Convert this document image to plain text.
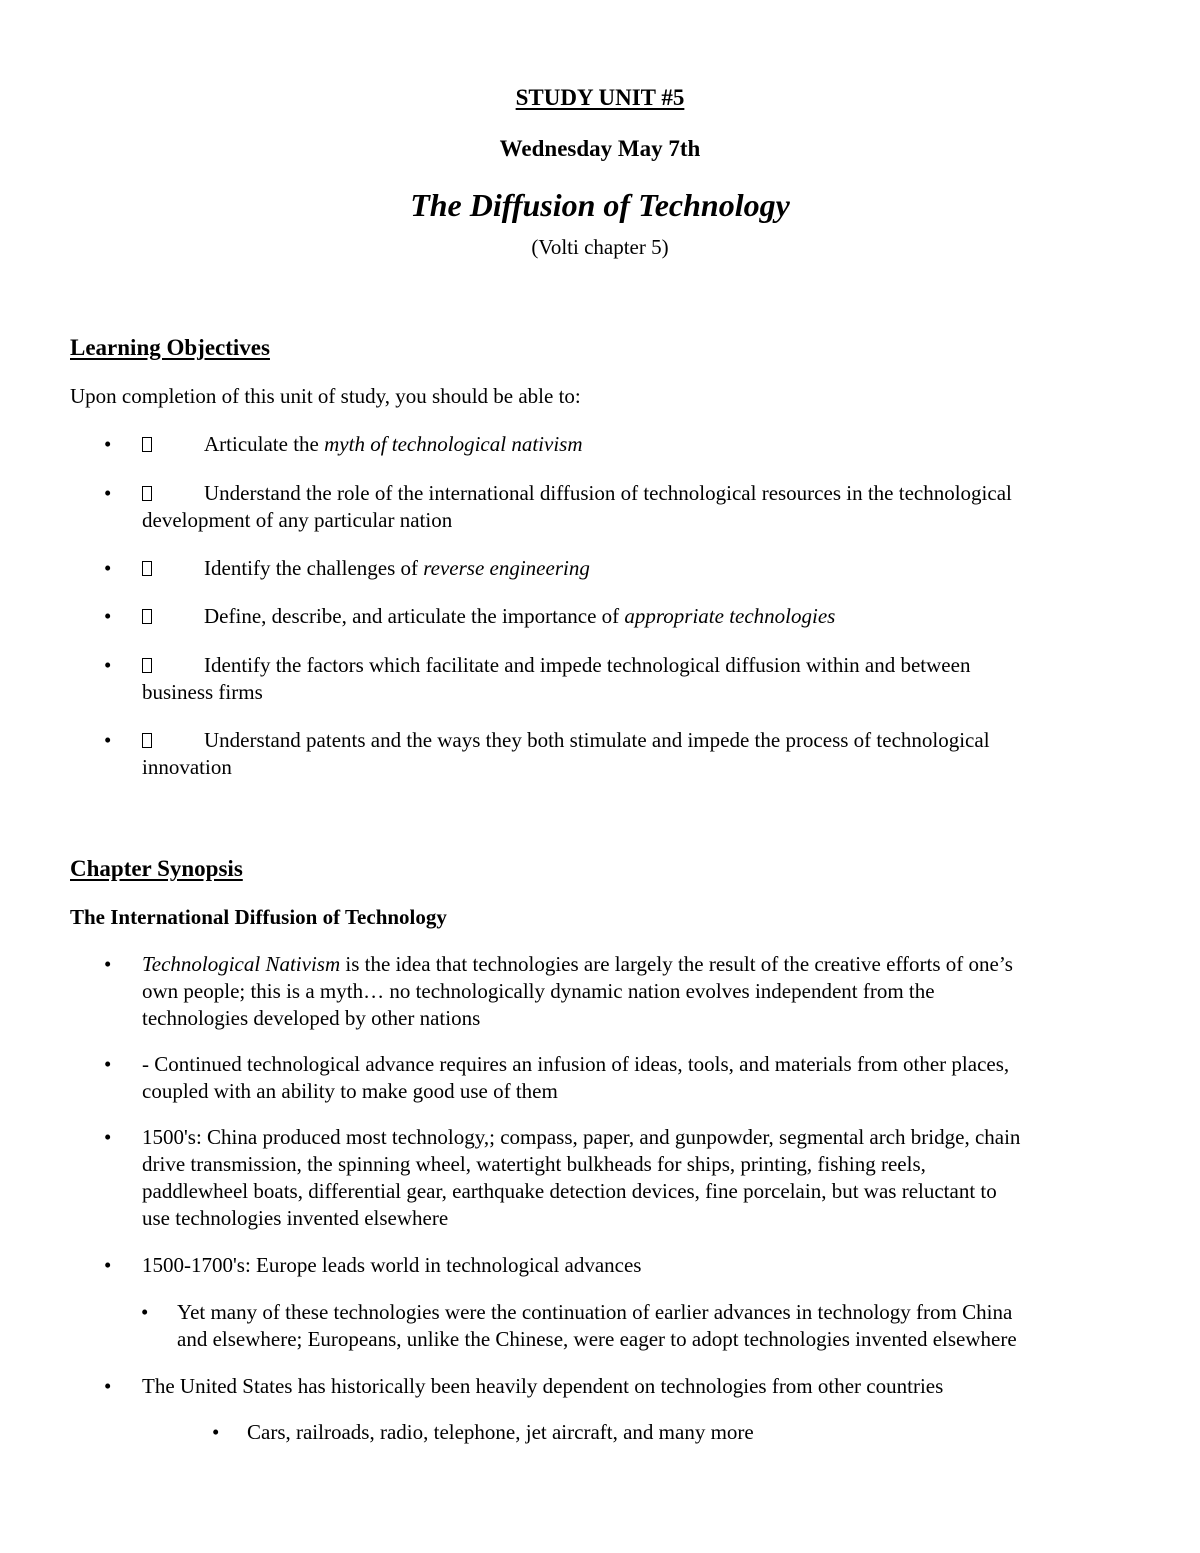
STUDY UNIT #5
Wednesday May 7th
The Diffusion of Technology
(Volti chapter 5)
Learning Objectives
Upon completion of this unit of study, you should be able to:
•	Articulate the myth of technological nativism
•	Understand the role of the international diffusion of technological resources in the technological
development of any particular nation
•	Identify the challenges of reverse engineering
•	Define, describe, and articulate the importance of appropriate technologies
•	Identify the factors which facilitate and impede technological diffusion within and between
business firms
•	Understand patents and the ways they both stimulate and impede the process of technological
innovation
Chapter Synopsis
The International Diffusion of Technology
• Technological Nativism is the idea that technologies are largely the result of the creative efforts of one’s
own people; this is a myth… no technologically dynamic nation evolves independent from the
technologies developed by other nations
• - Continued technological advance requires an infusion of ideas, tools, and materials from other places,
coupled with an ability to make good use of them
• 1500's: China produced most technology,; compass, paper, and gunpowder, segmental arch bridge, chain
drive transmission, the spinning wheel, watertight bulkheads for ships, printing, fishing reels,
paddlewheel boats, differential gear, earthquake detection devices, fine porcelain, but was reluctant to
use technologies invented elsewhere
• 1500-1700's: Europe leads world in technological advances
• Yet many of these technologies were the continuation of earlier advances in technology from China
and elsewhere; Europeans, unlike the Chinese, were eager to adopt technologies invented elsewhere
• The United States has historically been heavily dependent on technologies from other countries
• Cars, railroads, radio, telephone, jet aircraft, and many more
